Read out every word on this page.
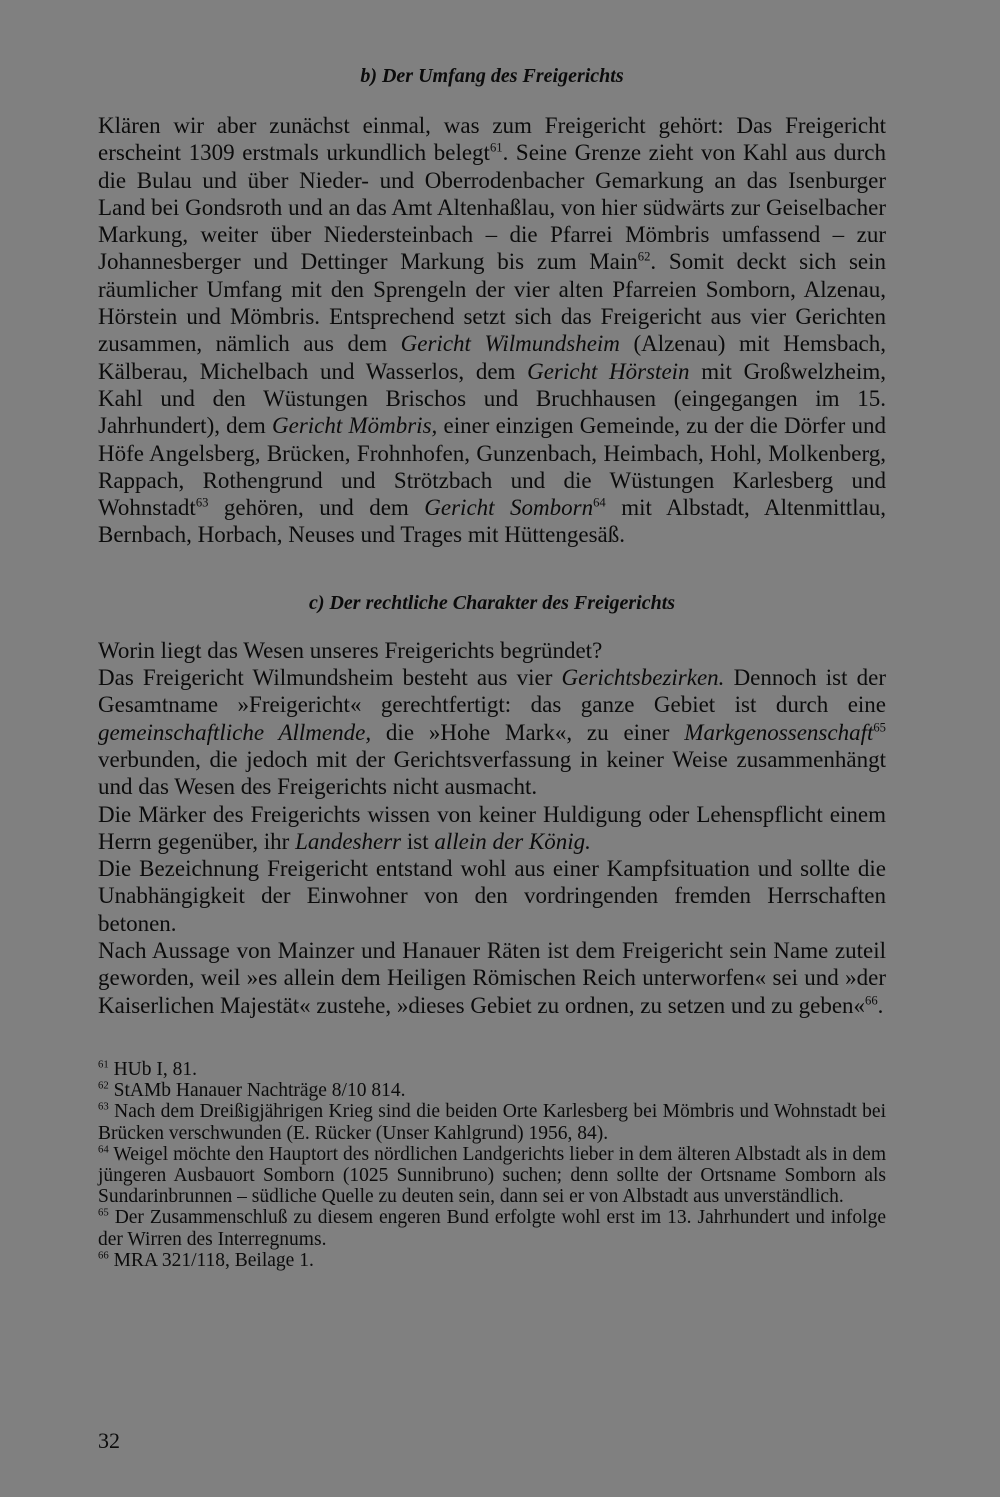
b) Der Umfang des Freigerichts

Klären wir aber zunächst einmal, was zum Freigericht gehört: Das Freigericht erscheint 1309 erstmals urkundlich belegt$^{61}$. Seine Grenze zieht von Kahl aus durch die Bulau und über Nieder- und Oberrodenbacher Gemarkung an das Isenburger Land bei Gondsroth und an das Amt Altenhaßlau, von hier südwärts zur Geiselbacher Markung, weiter über Niedersteinbach – die Pfarrei Mömbris umfassend – zur Johannesberger und Dettinger Markung bis zum Main$^{62}$. Somit deckt sich sein räumlicher Umfang mit den Sprengeln der vier alten Pfarreien Somborn, Alzenau, Hörstein und Mömbris. Entsprechend setzt sich das Freigericht aus vier Gerichten zusammen, nämlich aus dem Gericht Wilmundsheim (Alzenau) mit Hemsbach, Kälberau, Michelbach und Wasserlos, dem Gericht Hörstein mit Großwelzheim, Kahl und den Wüstungen Brischos und Bruchhausen (eingegangen im 15. Jahrhundert), dem Gericht Mömbris, einer einzigen Gemeinde, zu der die Dörfer und Höfe Angelsberg, Brücken, Frohnhofen, Gunzenbach, Heimbach, Hohl, Molkenberg, Rappach, Rothengrund und Strötzbach und die Wüstungen Karlesberg und Wohnstadt$^{63}$ gehören, und dem Gericht Somborn$^{64}$ mit Albstadt, Altenmittlau, Bernbach, Horbach, Neuses und Trages mit Hüttengesäß.

c) Der rechtliche Charakter des Freigerichts

Worin liegt das Wesen unseres Freigerichts begründet?

Das Freigericht Wilmundsheim besteht aus vier Gerichtsbezirken. Dennoch ist der Gesamtname »Freigericht« gerechtfertigt: das ganze Gebiet ist durch eine gemeinschaftliche Allmende, die »Hohe Mark«, zu einer Markgenossenschaft$^{65}$ verbunden, die jedoch mit der Gerichtsverfassung in keiner Weise zusammenhängt und das Wesen des Freigerichts nicht ausmacht.

Die Märker des Freigerichts wissen von keiner Huldigung oder Lehenspflicht einem Herrn gegenüber, ihr Landesherr ist allein der König.

Die Bezeichnung Freigericht entstand wohl aus einer Kampfsituation und sollte die Unabhängigkeit der Einwohner von den vordringenden fremden Herrschaften betonen.

Nach Aussage von Mainzer und Hanauer Räten ist dem Freigericht sein Name zuteil geworden, weil »es allein dem Heiligen Römischen Reich unterworfen« sei und »der Kaiserlichen Majestät« zustehe, »dieses Gebiet zu ordnen, zu setzen und zu geben«$^{66}$.

$^{61}$ HUb I, 81.

$^{62}$ StAMb Hanauer Nachträge 8/10 814.

$^{63}$ Nach dem Dreißigjährigen Krieg sind die beiden Orte Karlesberg bei Mömbris und Wohnstadt bei Brücken verschwunden (E. Rücker (Unser Kahlgrund) 1956, 84).

$^{64}$ Weigel möchte den Hauptort des nördlichen Landgerichts lieber in dem älteren Albstadt als in dem jüngeren Ausbauort Somborn (1025 Sunnibruno) suchen; denn sollte der Ortsname Somborn als Sundarinbrunnen – südliche Quelle zu deuten sein, dann sei er von Albstadt aus unverständlich.

$^{65}$ Der Zusammenschluß zu diesem engeren Bund erfolgte wohl erst im 13. Jahrhundert und infolge der Wirren des Interregnums.

$^{66}$ MRA 321/118, Beilage 1.

32
